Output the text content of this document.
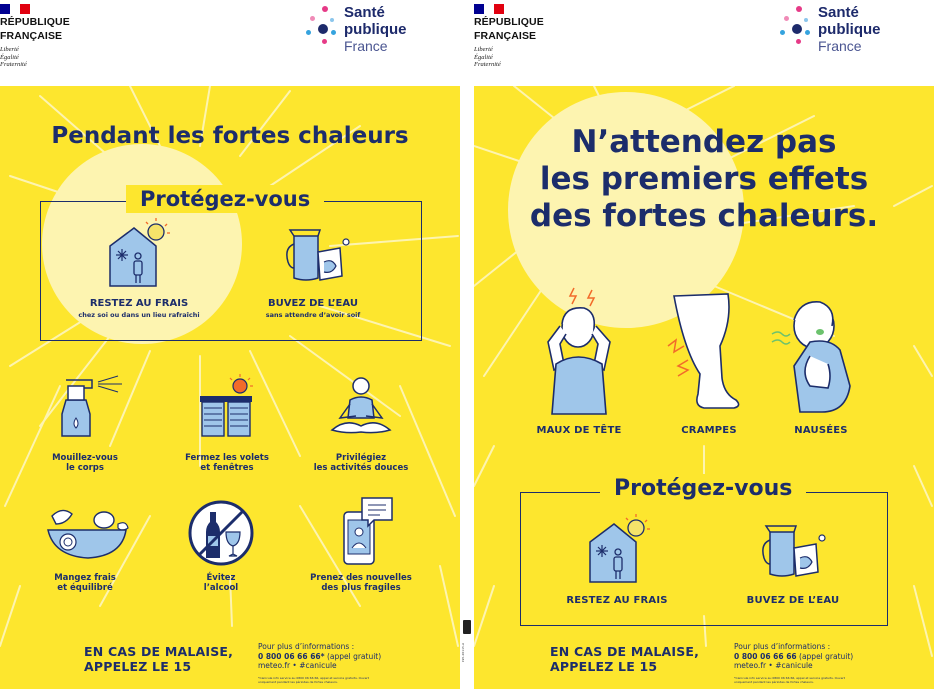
RÉPUBLIQUE
FRANÇAISE
Liberté
Égalité
Fraternité
Santé
publique
France
Pendant les fortes chaleurs
Protégez-vous
RESTEZ AU FRAIS
chez soi ou dans un lieu rafraîchi
BUVEZ DE L’EAU
sans attendre d’avoir soif
Mouillez-vous
le corps
Fermez les volets
et fenêtres
Privilégiez
les activités douces
Mangez frais
et équilibré
Évitez
l’alcool
Prenez des nouvelles
des plus fragiles
EN CAS DE MALAISE,
APPELEZ LE 15
Pour plus d’informations :
0 800 06 66 66* (appel gratuit)
meteo.fr • #canicule
*Canicule info service au 0800 06 66 66, appel et service gratuits. Ouvert uniquement pendant les périodes de fortes chaleurs.
195-20115-A
RÉPUBLIQUE
FRANÇAISE
Liberté
Égalité
Fraternité
Santé
publique
France
N’attendez pas
les premiers effets
des fortes chaleurs.
MAUX DE TÊTE	CRAMPES	NAUSÉES
Protégez-vous
RESTEZ AU FRAIS	BUVEZ DE L’EAU
EN CAS DE MALAISE,
APPELEZ LE 15
Pour plus d’informations :
0 800 06 66 66 (appel gratuit)
meteo.fr • #canicule
*Canicule info service au 0800 06 66 66, appel et service gratuits. Ouvert uniquement pendant les périodes de fortes chaleurs.
